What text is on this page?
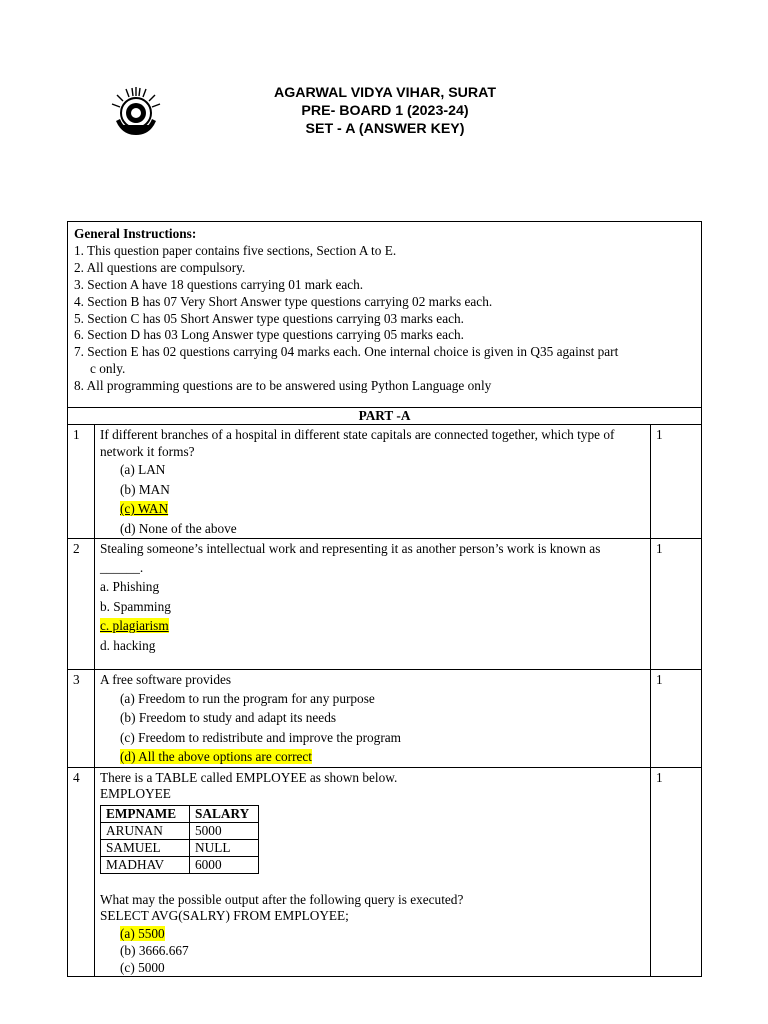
AGARWAL VIDYA VIHAR, SURAT
PRE- BOARD 1 (2023-24)
SET - A (ANSWER KEY)
General Instructions:
1. This question paper contains five sections, Section A to E.
2. All questions are compulsory.
3. Section A have 18 questions carrying 01 mark each.
4. Section B has 07 Very Short Answer type questions carrying 02 marks each.
5. Section C has 05 Short Answer type questions carrying 03 marks each.
6. Section D has 03 Long Answer type questions carrying 05 marks each.
7. Section E has 02 questions carrying 04 marks each. One internal choice is given in Q35 against part
c only.
8. All programming questions are to be answered using Python Language only

PART -A
1	If different branches of a hospital in different state capitals are connected together, which type of network it forms?
(a) LAN
(b) MAN
(c) WAN
(d) None of the above
	1
2	Stealing someone’s intellectual work and representing it as another person’s work is known as
______.
a. Phishing
b. Spamming
c. plagiarism
d. hacking
	1
3	A free software provides
(a) Freedom to run the program for any purpose
(b) Freedom to study and adapt its needs
(c) Freedom to redistribute and improve the program
(d) All the above options are correct
	1
4	There is a TABLE called EMPLOYEE as shown below.
EMPLOYEE
EMPNAME	SALARY
ARUNAN	5000
SAMUEL	NULL
MADHAV	6000
What may the possible output after the following query is executed?
SELECT AVG(SALRY) FROM EMPLOYEE;
(a) 5500
(b) 3666.667
(c) 5000
	1
